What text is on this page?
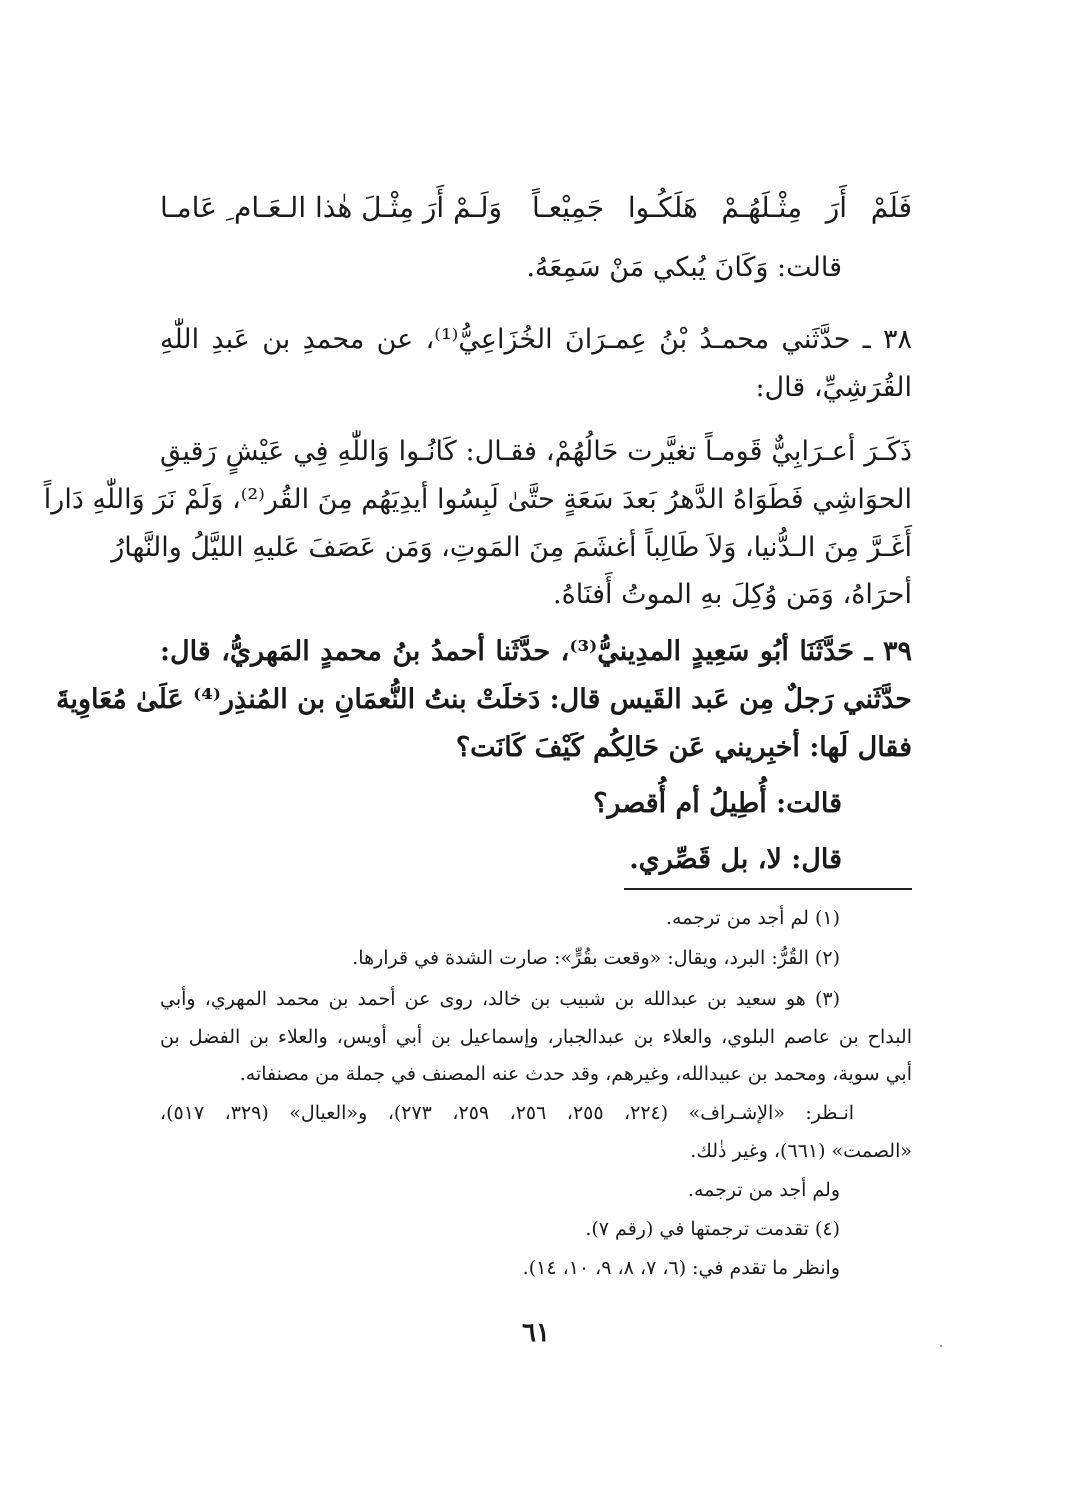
فَلَمْ أَرَ مِثْـلَهُـمْ هَلَكُـوا جَمِيْعـاً
وَلَـمْ أَرَ مِثْـلَ هٰذا الـعَـام ِ عَامـا
قالت: وَكَانَ يُبكي مَنْ سَمِعَهُ.
٣٨ ـ حدَّثَني محمـدُ بْنُ عِمـرَانَ الخُزَاعِيُّ⁽¹⁾، عن محمدِ بن عَبدِ اللّٰهِ
القُرَشِيِّ، قال:
ذَكَـرَ أعـرَابِيٌّ قَومـاً تغيَّرت حَالُهُمْ، فقـال: كَانُـوا وَاللّٰهِ فِي عَيْشٍ رَقيقِ
الحوَاشِي فَطَوَاهُ الدَّهرُ بَعدَ سَعَةٍ حتَّىٰ لَبِسُوا أيدِيَهُم مِنَ القُر⁽²⁾، وَلَمْ نَرَ وَاللّٰهِ دَاراً
أَغَـرَّ مِنَ الـدُّنيا، وَلاَ طَالِباً أغشَمَ مِنَ المَوتِ، وَمَن عَصَفَ عَليهِ الليَّلُ والنَّهارُ
أحرَاهُ، وَمَن وُكِلَ بهِ الموتُ أَفنَاهُ.
٣٩ ـ حَدَّثَنَا أبُو سَعِيدٍ المدِينيُّ⁽³⁾، حدَّثَنا أحمدُ بنُ محمدٍ المَهريُّ، قال:
حدَّثَني رَجلٌ مِن عَبد القَيس قال: دَخلَتْ بنتُ النُّعمَانِ بن المُنذِر⁽⁴⁾ عَلَىٰ مُعَاوِيةَ
فقال لَها: أخبِريني عَن حَالِكُم كَيْفَ كَانَت؟
قالت: أُطِيلُ أم أُقصر؟
قال: لا، بل قَصِّري.
(١) لم أجد من ترجمه.
(٢) القُرُّ: البرد، ويقال: «وقعت بقُرٍّ»: صارت الشدة في قرارها.
(٣) هو سعيد بن عبدالله بن شبيب بن خالد، روى عن أحمد بن محمد المهري، وأبي
البداح بن عاصم البلوي، والعلاء بن عبدالجبار، وإسماعيل بن أبي أويس، والعلاء بن الفضل بن
أبي سوية، ومحمد بن عبيدالله، وغيرهم، وقد حدث عنه المصنف في جملة من مصنفاته.
انـظر: «الإشـراف» (٢٢٤، ٢٥٥، ٢٥٦، ٢٥٩، ٢٧٣)، و«العيال» (٣٢٩، ٥١٧)،
«الصمت» (٦٦١)، وغير ذٰلك.
ولم أجد من ترجمه.
(٤) تقدمت ترجمتها في (رقم ٧).
وانظر ما تقدم في: (٦، ٧، ٨، ٩، ١٠، ١٤).
٦١
